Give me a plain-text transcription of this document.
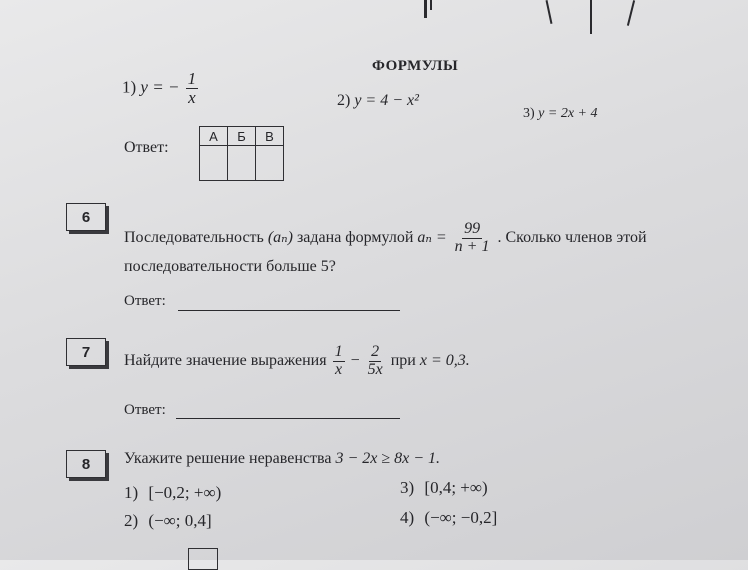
ФОРМУЛЫ
1) y = − $\frac{1}{x}$	2) y = 4 − x²
3) y = 2x + 4
Ответ:
А	Б	В

6
Последовательность (aₙ) задана формулой $a_n = \frac{99}{n + 1}$ . Сколько членов этой
последовательности больше 5?
Ответ:
7 Найдите значение выражения $\frac{1}{x} - \frac{2}{5x}$ при x = 0,3.
Ответ:
8 Укажите решение неравенства 3 − 2x ≥ 8x − 1.
1) [−0,2; +∞)
2) (−∞; 0,4]
3) [0,4; +∞)
4) (−∞; −0,2]
